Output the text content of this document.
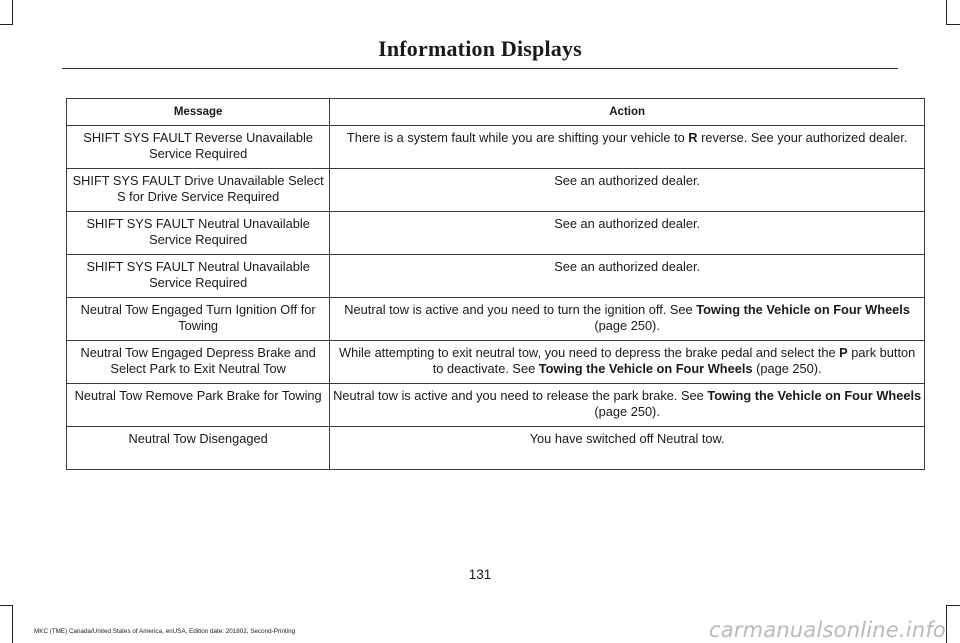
Information Displays
Message	Action
SHIFT SYS FAULT Reverse Unavailable Service Required	There is a system fault while you are shifting your vehicle to R reverse. See your authorized dealer.
SHIFT SYS FAULT Drive Unavailable Select S for Drive Service Required	See an authorized dealer.
SHIFT SYS FAULT Neutral Unavailable Service Required	See an authorized dealer.
SHIFT SYS FAULT Neutral Unavailable Service Required	See an authorized dealer.
Neutral Tow Engaged Turn Ignition Off for Towing	Neutral tow is active and you need to turn the ignition off. See Towing the Vehicle on Four Wheels (page 250).
Neutral Tow Engaged Depress Brake and Select Park to Exit Neutral Tow	While attempting to exit neutral tow, you need to depress the brake pedal and select the P park button to deactivate. See Towing the Vehicle on Four Wheels (page 250).
Neutral Tow Remove Park Brake for Towing	Neutral tow is active and you need to release the park brake. See Towing the Vehicle on Four Wheels (page 250).
Neutral Tow Disengaged	You have switched off Neutral tow.
131
MKC (TME) Canada/United States of America, enUSA, Edition date: 201802, Second-Printing	carmanualsonline.info
